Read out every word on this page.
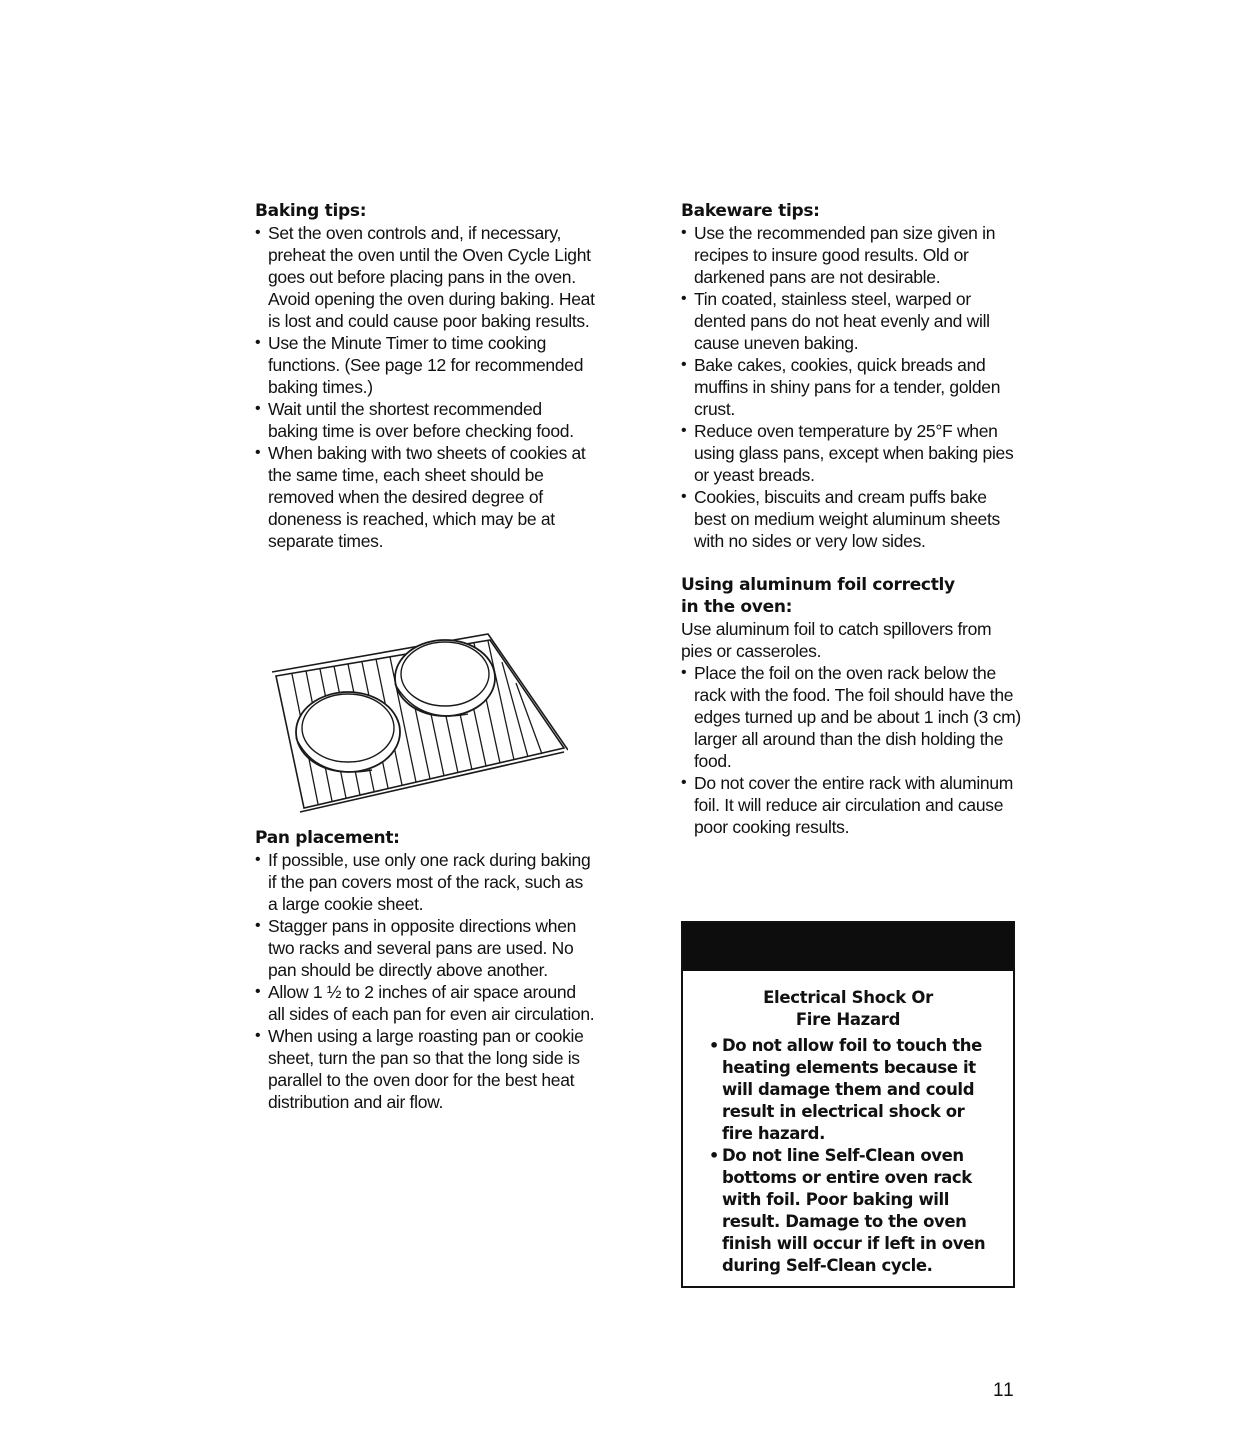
Baking tips:
• Set the oven controls and, if necessary, preheat the oven until the Oven Cycle Light goes out before placing pans in the oven. Avoid opening the oven during baking. Heat is lost and could cause poor baking results.
• Use the Minute Timer to time cooking functions. (See page 12 for recommended baking times.)
• Wait until the shortest recommended baking time is over before checking food.
• When baking with two sheets of cookies at the same time, each sheet should be removed when the desired degree of doneness is reached, which may be at separate times.
Pan placement:
• If possible, use only one rack during baking if the pan covers most of the rack, such as a large cookie sheet.
• Stagger pans in opposite directions when two racks and several pans are used. No pan should be directly above another.
• Allow 1 ½ to 2 inches of air space around all sides of each pan for even air circulation.
• When using a large roasting pan or cookie sheet, turn the pan so that the long side is parallel to the oven door for the best heat distribution and air flow.
Bakeware tips:
• Use the recommended pan size given in recipes to insure good results. Old or darkened pans are not desirable.
• Tin coated, stainless steel, warped or dented pans do not heat evenly and will cause uneven baking.
• Bake cakes, cookies, quick breads and muffins in shiny pans for a tender, golden crust.
• Reduce oven temperature by 25°F when using glass pans, except when baking pies or yeast breads.
• Cookies, biscuits and cream puffs bake best on medium weight aluminum sheets with no sides or very low sides.
Using aluminum foil correctly
in the oven:

Use aluminum foil to catch spillovers from pies or casseroles.

• Place the foil on the oven rack below the rack with the food. The foil should have the edges turned up and be about 1 inch (3 cm) larger all around than the dish holding the food.
• Do not cover the entire rack with aluminum foil. It will reduce air circulation and cause poor cooking results.
Electrical Shock Or
Fire Hazard
• Do not allow foil to touch the heating elements because it will damage them and could result in electrical shock or fire hazard.
• Do not line Self-Clean oven bottoms or entire oven rack with foil. Poor baking will result. Damage to the oven finish will occur if left in oven during Self-Clean cycle.
11
